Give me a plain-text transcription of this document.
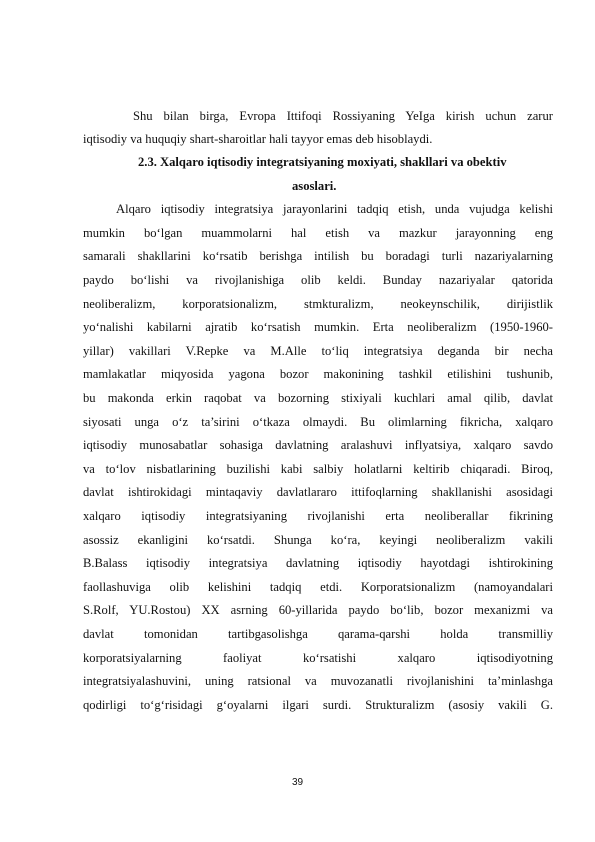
Shu bilan birga, Evropa Ittifoqi Rossiyaning YeIga kirish uchun zarur
iqtisodiy va huquqiy shart-sharoitlar hali tayyor emas deb hisoblaydi.
2.3. Xalqaro iqtisodiy integratsiyaning moxiyati, shakllari va obektiv
asoslari.
Alqaro iqtisodiy integratsiya jarayonlarini tadqiq etish, unda vujudga kelishi
mumkin bo‘lgan muammolarni hal etish va mazkur jarayonning eng
samarali shakllarini ko‘rsatib berishga intilish bu boradagi turli nazariyalarning
paydo bo‘lishi va rivojlanishiga olib keldi. Bunday nazariyalar qatorida
neoliberalizm, korporatsionalizm, stmkturalizm, neokeynschilik, dirijistlik
yo‘nalishi kabilarni ajratib ko‘rsatish mumkin. Erta neoliberalizm (1950-1960-
yillar) vakillari V.Repke va M.Alle to‘liq integratsiya deganda bir necha
mamlakatlar miqyosida yagona bozor makonining tashkil etilishini tushunib,
bu makonda erkin raqobat va bozorning stixiyali kuchlari amal qilib, davlat
siyosati unga o‘z ta’sirini o‘tkaza olmaydi. Bu olimlarning fikricha, xalqaro
iqtisodiy munosabatlar sohasiga davlatning aralashuvi inflyatsiya, xalqaro savdo
va to‘lov nisbatlarining buzilishi kabi salbiy holatlarni keltirib chiqaradi. Biroq,
davlat ishtirokidagi mintaqaviy davlatlararo ittifoqlarning shakllanishi asosidagi
xalqaro iqtisodiy integratsiyaning rivojlanishi erta neoliberallar fikrining
asossiz ekanligini ko‘rsatdi. Shunga ko‘ra, keyingi neoliberalizm vakili
B.Balass iqtisodiy integratsiya davlatning iqtisodiy hayotdagi ishtirokining
faollashuviga olib kelishini tadqiq etdi. Korporatsionalizm (namoyandalari
S.Rolf, YU.Rostou) XX asrning 60-yillarida paydo bo‘lib, bozor mexanizmi va
davlat tomonidan tartibgasolishga qarama-qarshi holda transmilliy
korporatsiyalarning faoliyat ko‘rsatishi xalqaro iqtisodiyotning
integratsiyalashuvini, uning ratsional va muvozanatli rivojlanishini ta’minlashga
qodirligi to‘g‘risidagi g‘oyalarni ilgari surdi. Strukturalizm (asosiy vakili G.
39
